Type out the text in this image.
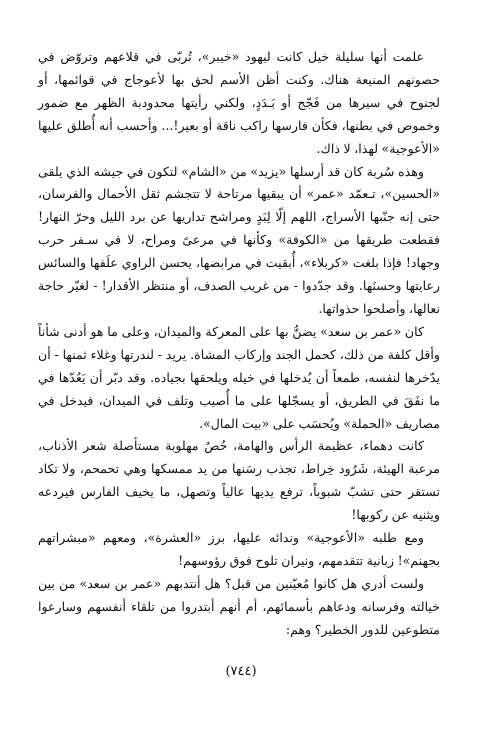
علمت أنها سليلة خيل كانت ليهود «خيبر»، تُربّى في قلاعهم وتروّض في حصونهم المنيعة هناك. وكنت أظن الأسم لحق بها لأعوجاج في قوائمها، أو لجنوح في سيرها من فَجّج أو بَـدَدٍ، ولكني رأيتها محدودبة الظهر مع ضمور وخموص في بطنها، فكأن فارسها راكب ناقة أو بعير!... وأحسب أنه أُطلق عليها «الأعوجية» لهذا، لا ذاك.

وهذه سُربة كان قد أرسلها «يزيد» من «الشام» لتكون في جيشه الذي يلقى «الحسين»، تـعمّد «عمر» أن يبقيها مرتاحة لا تتجشم ثقل الأحمال والفرسان، حتى إنه جنّبها الأسراج، اللهم إلّا لِبَدٍ ومراشح تداريها عن برد الليل وحرّ النهار! فقطعت طريقها من «الكوفة» وكأنها في مرعىً ومراح، لا في سـفر حرب وجهاد! فإذا بلغت «كربلاء»، أُبقيت في مرابضها، يحسن الراوي علَفها والسائس رعايتها وحسنَها. وقد جدّدوا - من غريب الصدف، أو منتظر الأقدار! - لغيّر حاجة نعالها، وأصلحوا حذواتها.

كان «عمر بن سعد» يضنُّ بها على المعركة والميدان، وعلى ما هو أدنى شأناً وأقل كلفة من ذلك، كحمل الجند وإركاب المشاة. يريد - لندرتها وغلاء ثمنها - أن يدّخرها لنفسه، طمعاً أن يُدخلها في خيله ويلحقها بجياده. وقد دبّر أن يَعُدّها في ما نفَقَ في الطريق، أو يسجّلها على ما أُصيب وتلف في الميدان، فيدخل في مصاريف «الحملة» ويُحسَب على «بيت المال».

كانت دهماء، عظيمة الرأس والهامة، حُصٌ مهلوبة مستأصلة شعر الأذناب، مرعبة الهيئة، شَرُود خِراط، تجذب رسَنها من يد ممسكها وهي تحمحم، ولا تكاد تستقر حتى تشبّ شبوباً، ترفع يديها عالياً وتصهل، ما يخيف الفارس فيردعه ويثنيه عن ركوبها!

ومع طلبه «الأعوجية» وندائه عليها، برز «العشرة»، ومعهم «مبشراتهم بجهنم»! زبانية تتقدمهم، ونيران تلوح فوق رؤوسهم!

ولست أدري هل كانوا مُعيّنين من قبل؟ هل أنتدبهم «عمر بن سعد» من بين خيالته وفرسانه ودعاهم بأسمائهم، أم أنهم أبتدروا من تلقاء أنفسهم وسارعوا متطوعين للدور الخطير؟ وهم:

(٧٤٤)
